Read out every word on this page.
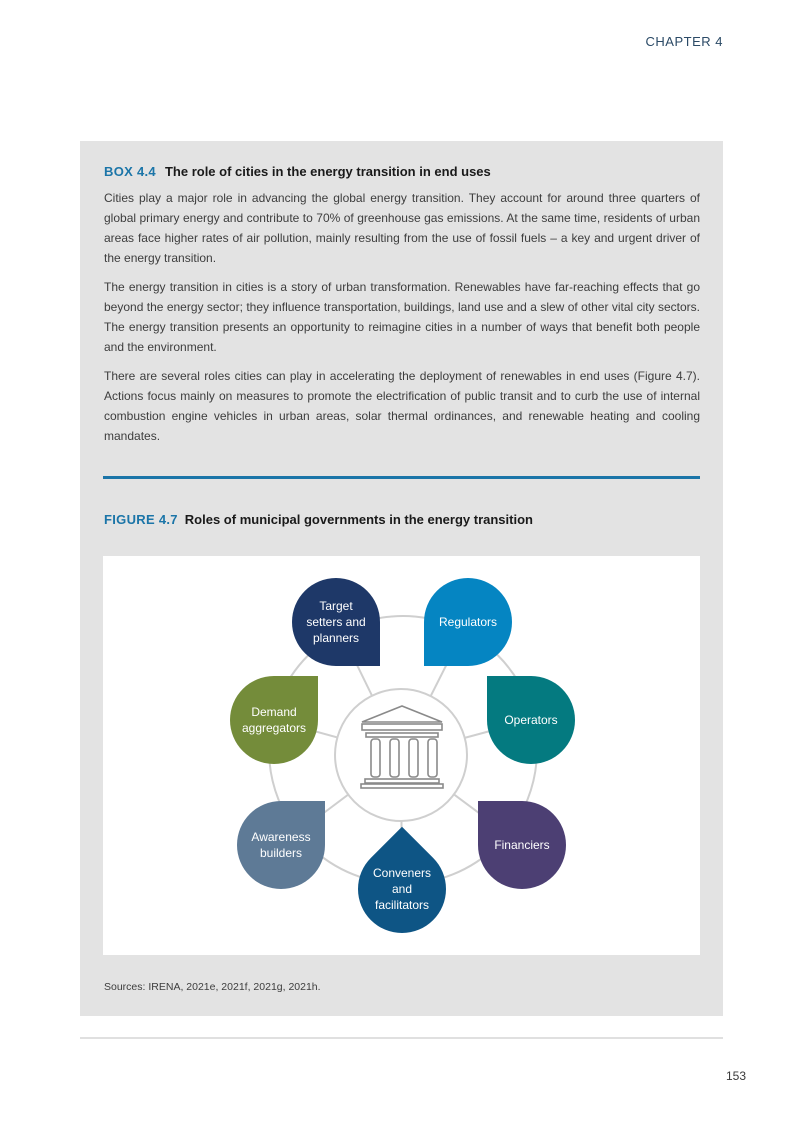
CHAPTER 4
BOX 4.4 The role of cities in the energy transition in end uses

Cities play a major role in advancing the global energy transition. They account for around three quarters of global primary energy and contribute to 70% of greenhouse gas emissions. At the same time, residents of urban areas face higher rates of air pollution, mainly resulting from the use of fossil fuels – a key and urgent driver of the energy transition.

The energy transition in cities is a story of urban transformation. Renewables have far-reaching effects that go beyond the energy sector; they influence transportation, buildings, land use and a slew of other vital city sectors. The energy transition presents an opportunity to reimagine cities in a number of ways that benefit both people and the environment.

There are several roles cities can play in accelerating the deployment of renewables in end uses (Figure 4.7). Actions focus mainly on measures to promote the electrification of public transit and to curb the use of internal combustion engine vehicles in urban areas, solar thermal ordinances, and renewable heating and cooling mandates.

FIGURE 4.7 Roles of municipal governments in the energy transition
Target
setters and
planners
Regulators
Operators
Financiers
Conveners
and
facilitators
Awareness
builders
Demand
aggregators
Sources: IRENA, 2021e, 2021f, 2021g, 2021h.
153
